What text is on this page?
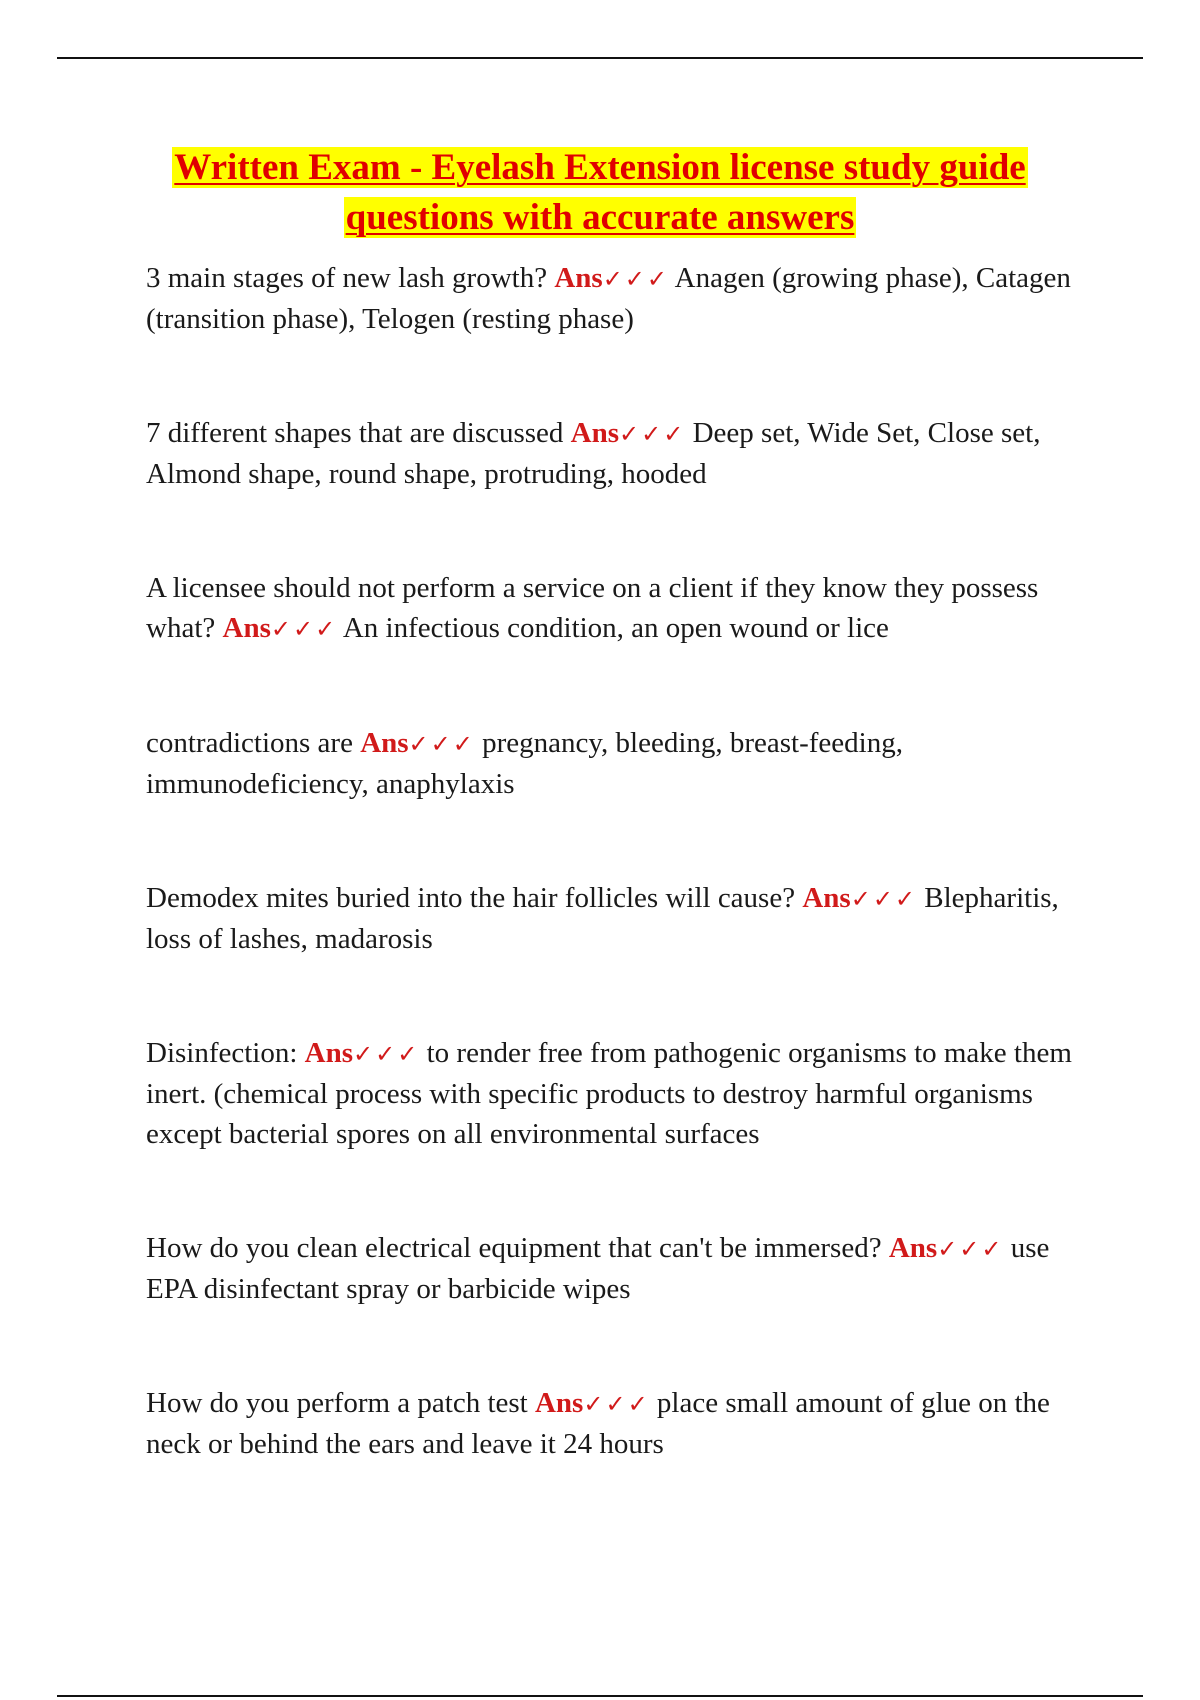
Written Exam - Eyelash Extension license study guide
questions with accurate answers
3 main stages of new lash growth? Ans✓✓✓ Anagen (growing phase), Catagen (transition phase), Telogen (resting phase)
7 different shapes that are discussed Ans✓✓✓ Deep set, Wide Set, Close set, Almond shape, round shape, protruding, hooded
A licensee should not perform a service on a client if they know they possess what? Ans✓✓✓ An infectious condition, an open wound or lice
contradictions are Ans✓✓✓ pregnancy, bleeding, breast-feeding, immunodeficiency, anaphylaxis
Demodex mites buried into the hair follicles will cause? Ans✓✓✓ Blepharitis, loss of lashes, madarosis
Disinfection: Ans✓✓✓ to render free from pathogenic organisms to make them inert. (chemical process with specific products to destroy harmful organisms except bacterial spores on all environmental surfaces
How do you clean electrical equipment that can't be immersed? Ans✓✓✓ use EPA disinfectant spray or barbicide wipes
How do you perform a patch test Ans✓✓✓ place small amount of glue on the neck or behind the ears and leave it 24 hours
